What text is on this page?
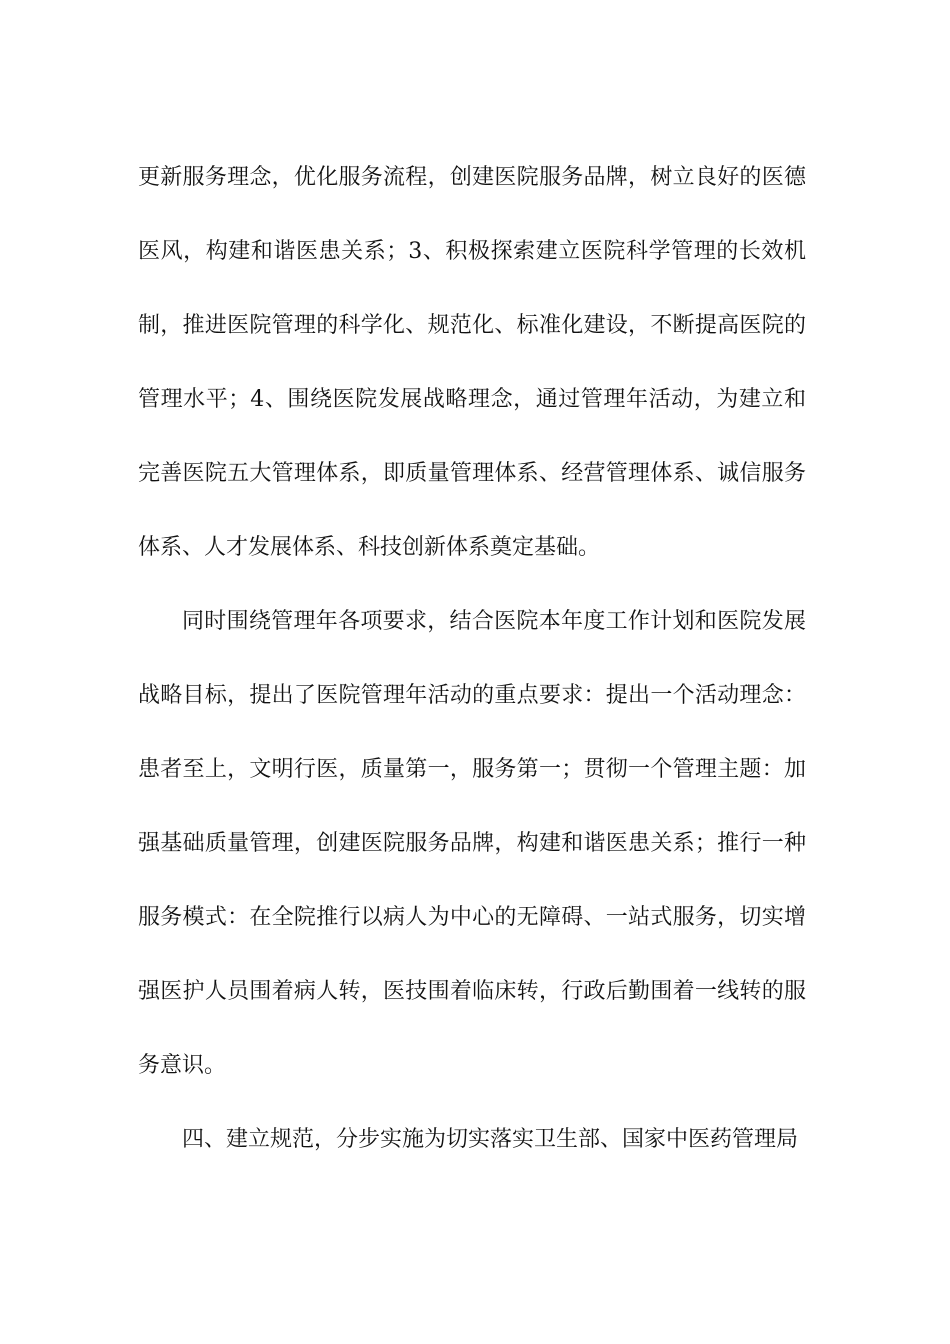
更新服务理念，优化服务流程，创建医院服务品牌，树立良好的医德医风，构建和谐医患关系；3、积极探索建立医院科学管理的长效机制，推进医院管理的科学化、规范化、标准化建设，不断提高医院的管理水平；4、围绕医院发展战略理念，通过管理年活动，为建立和完善医院五大管理体系，即质量管理体系、经营管理体系、诚信服务体系、人才发展体系、科技创新体系奠定基础。

同时围绕管理年各项要求，结合医院本年度工作计划和医院发展战略目标，提出了医院管理年活动的重点要求：提出一个活动理念：患者至上，文明行医，质量第一，服务第一；贯彻一个管理主题：加强基础质量管理，创建医院服务品牌，构建和谐医患关系；推行一种服务模式：在全院推行以病人为中心的无障碍、一站式服务，切实增强医护人员围着病人转，医技围着临床转，行政后勤围着一线转的服务意识。

四、建立规范，分步实施为切实落实卫生部、国家中医药管理局
